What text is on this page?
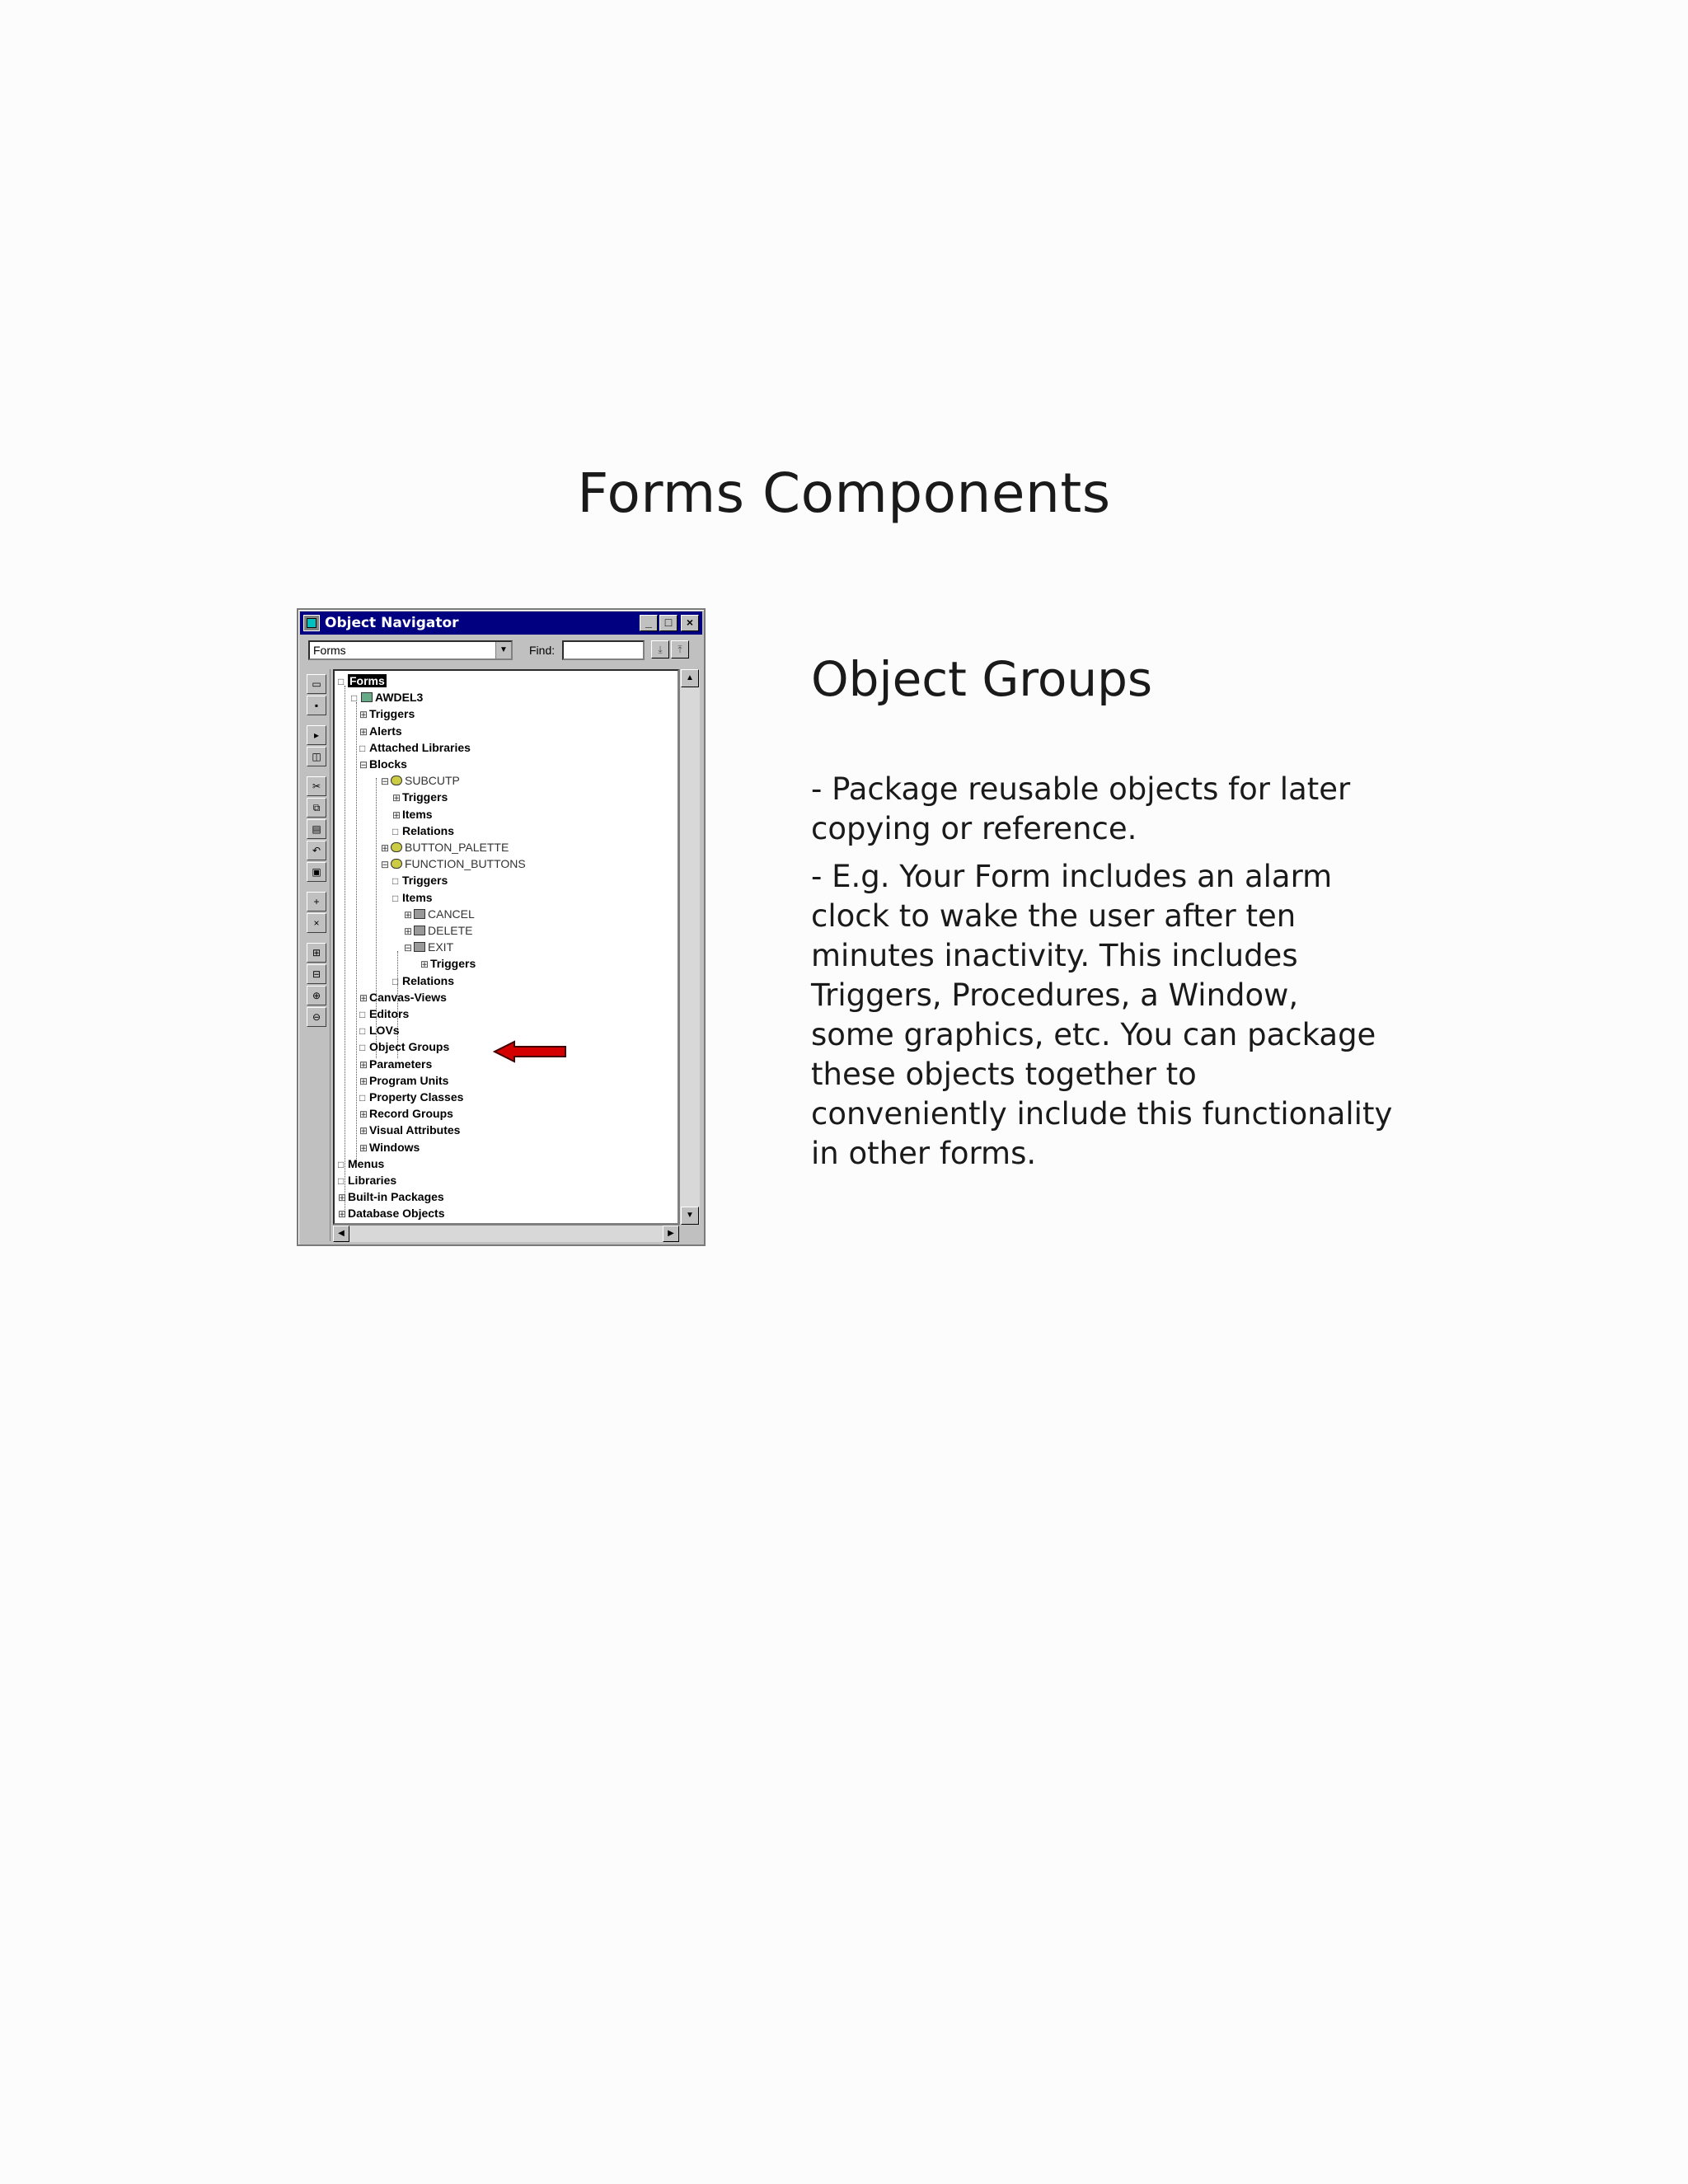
Forms Components
Object Navigator	_	□	×
Forms	▼ Find:	⤓	⤒
▭
▪
▸
◫
✂
⧉
▤
↶
▣
+
×
⊞
⊟
⊕
⊖
□ Forms
□ AWDEL3
⊞ Triggers
⊞ Alerts
□ Attached Libraries
⊟ Blocks
⊟ SUBCUTP
⊞ Triggers
⊞ Items
□ Relations
⊞ BUTTON_PALETTE
⊟ FUNCTION_BUTTONS
□ Triggers
□ Items
⊞ CANCEL
⊞ DELETE
⊟ EXIT
⊞ Triggers
□ Relations
⊞ Canvas-Views
□ Editors
□ LOVs
□ Object Groups
⊞ Parameters
⊞ Program Units
□ Property Classes
⊞ Record Groups
⊞ Visual Attributes
⊞ Windows
□ Menus
□ Libraries
⊞ Built-in Packages
⊞ Database Objects
▲
▼
◀	▶
Object Groups
- Package reusable objects for later
copying or reference.
- E.g. Your Form includes an alarm
clock to wake the user after ten
minutes inactivity. This includes
Triggers, Procedures, a Window,
some graphics, etc. You can package
these objects together to
conveniently include this functionality
in other forms.
